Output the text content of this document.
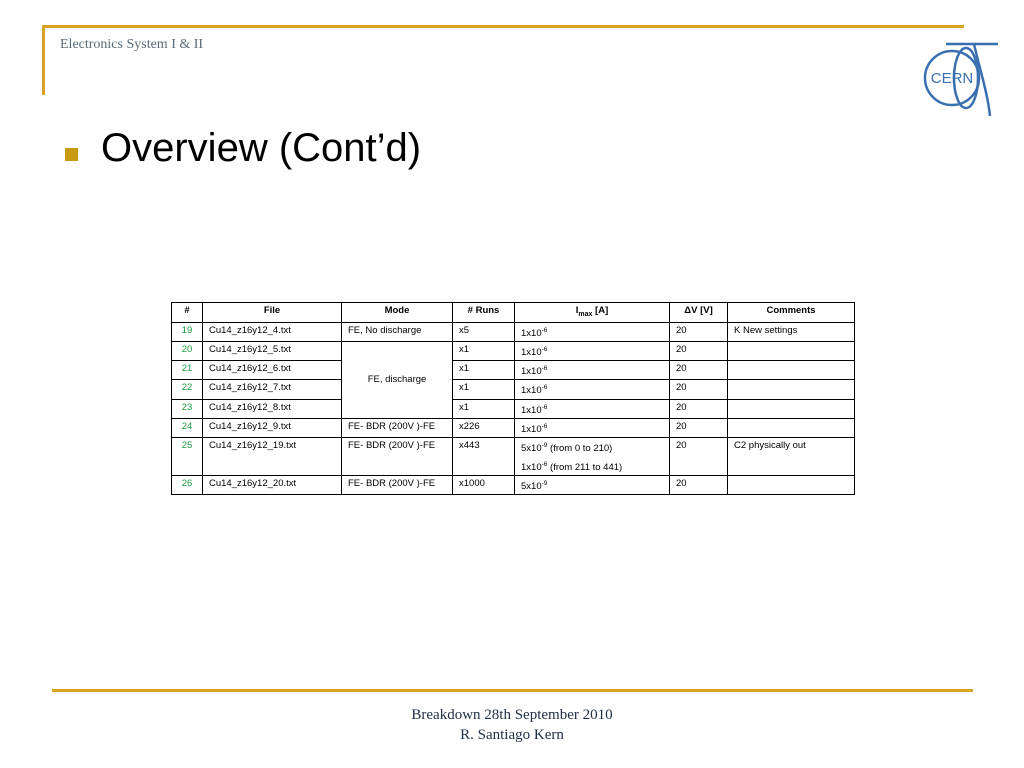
Electronics System I & II
CERN
Overview (Cont’d)
#	File	Mode	# Runs	$I_{max}$ [A]	ΔV [V]	Comments
19	Cu14_z16y12_4.txt	FE, No discharge	x5	$1x10^{-6}$	20	K New settings
20	Cu14_z16y12_5.txt	FE, discharge	x1	$1x10^{-6}$	20	
21	Cu14_z16y12_6.txt		x1	$1x10^{-6}$	20	
22	Cu14_z16y12_7.txt		x1	$1x10^{-6}$	20	
23	Cu14_z16y12_8.txt		x1	$1x10^{-6}$	20	
24	Cu14_z16y12_9.txt	FE- BDR (200V )-FE	x226	$1x10^{-6}$	20	
25	Cu14_z16y12_19.txt	FE- BDR (200V )-FE	x443	$5x10^{-9}$ (from 0 to 210)
$1x10^{-6}$ (from 211 to 441)	20	C2 physically out
26	Cu14_z16y12_20.txt	FE- BDR (200V )-FE	x1000	$5x10^{-9}$	20	
Breakdown 28th September 2010
R. Santiago Kern
